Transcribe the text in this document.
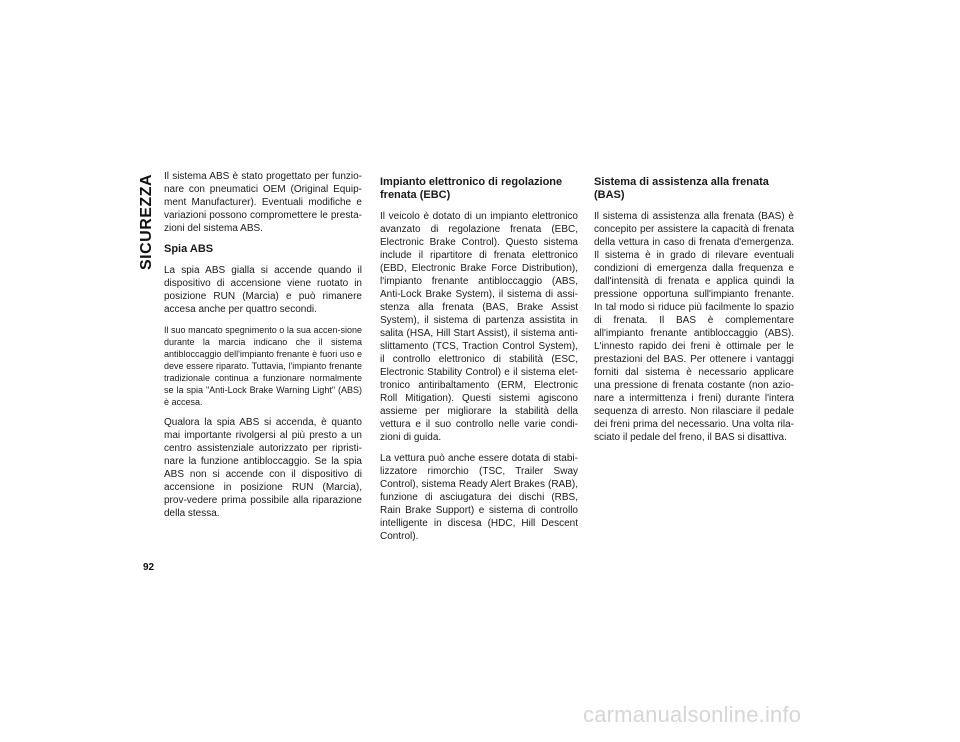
SICUREZZA
92

Il sistema ABS è stato progettato per funzio-nare con pneumatici OEM (Original Equip-ment Manufacturer). Eventuali modifiche e variazioni possono compromettere le presta-zioni del sistema ABS.

Spia ABS

La spia ABS gialla si accende quando il dispositivo di accensione viene ruotato in posizione RUN (Marcia) e può rimanere accesa anche per quattro secondi.

Il suo mancato spegnimento o la sua accen-sione durante la marcia indicano che il sistema antibloccaggio dell'impianto frenante è fuori uso e deve essere riparato. Tuttavia, l'impianto frenante tradizionale continua a funzionare normalmente se la spia "Anti-Lock Brake Warning Light" (ABS) è accesa.

Qualora la spia ABS si accenda, è quanto mai importante rivolgersi al più presto a un centro assistenziale autorizzato per ripristi-nare la funzione antibloccaggio. Se la spia ABS non si accende con il dispositivo di accensione in posizione RUN (Marcia), prov-vedere prima possibile alla riparazione della stessa.

Impianto elettronico di regolazione frenata (EBC)

Il veicolo è dotato di un impianto elettronico avanzato di regolazione frenata (EBC, Electronic Brake Control). Questo sistema include il ripartitore di frenata elettronico (EBD, Electronic Brake Force Distribution), l'impianto frenante antibloccaggio (ABS, Anti-Lock Brake System), il sistema di assi-stenza alla frenata (BAS, Brake Assist System), il sistema di partenza assistita in salita (HSA, Hill Start Assist), il sistema anti-slittamento (TCS, Traction Control System), il controllo elettronico di stabilità (ESC, Electronic Stability Control) e il sistema elet-tronico antiribaltamento (ERM, Electronic Roll Mitigation). Questi sistemi agiscono assieme per migliorare la stabilità della vettura e il suo controllo nelle varie condi-zioni di guida.

La vettura può anche essere dotata di stabi-lizzatore rimorchio (TSC, Trailer Sway Control), sistema Ready Alert Brakes (RAB), funzione di asciugatura dei dischi (RBS, Rain Brake Support) e sistema di controllo intelligente in discesa (HDC, Hill Descent Control).

Sistema di assistenza alla frenata (BAS)

Il sistema di assistenza alla frenata (BAS) è concepito per assistere la capacità di frenata della vettura in caso di frenata d'emergenza. Il sistema è in grado di rilevare eventuali condizioni di emergenza dalla frequenza e dall'intensità di frenata e applica quindi la pressione opportuna sull'impianto frenante. In tal modo si riduce più facilmente lo spazio di frenata. Il BAS è complementare all'impianto frenante antibloccaggio (ABS). L'innesto rapido dei freni è ottimale per le prestazioni del BAS. Per ottenere i vantaggi forniti dal sistema è necessario applicare una pressione di frenata costante (non azio-nare a intermittenza i freni) durante l'intera sequenza di arresto. Non rilasciare il pedale dei freni prima del necessario. Una volta rila-sciato il pedale del freno, il BAS si disattiva.

carmanualsonline.info
